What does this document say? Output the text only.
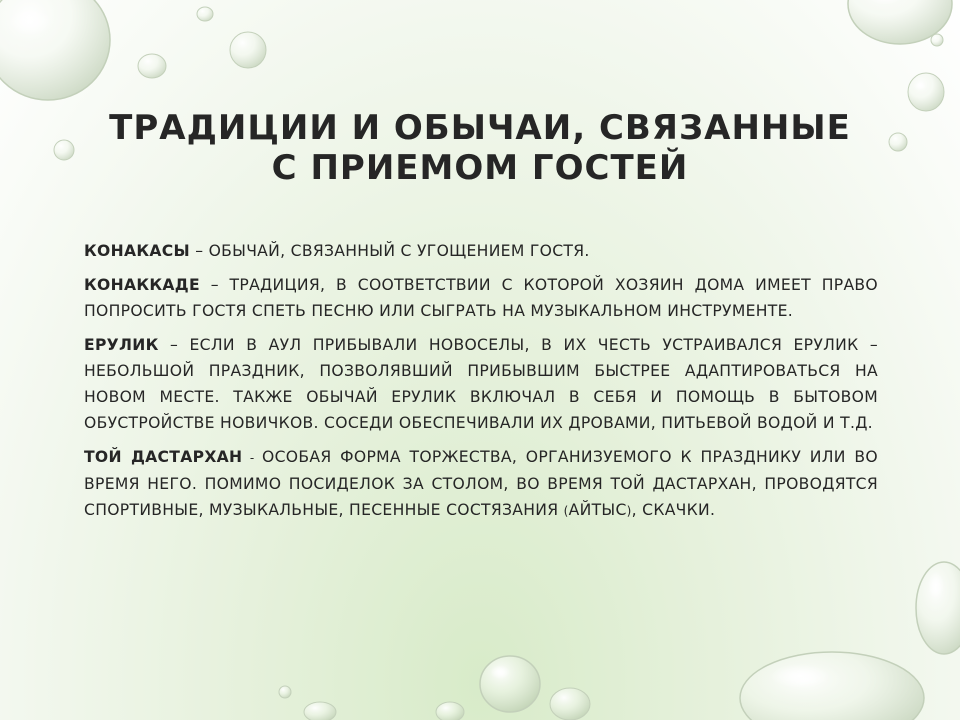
ТРАДИЦИИ И ОБЫЧАИ, СВЯЗАННЫЕ
С ПРИЕМОМ ГОСТЕЙ

КОНАКАСЫ – ОБЫЧАЙ, СВЯЗАННЫЙ С УГОЩЕНИЕМ ГОСТЯ.

КОНАККАДЕ – ТРАДИЦИЯ, В СООТВЕТСТВИИ С КОТОРОЙ ХОЗЯИН ДОМА ИМЕЕТ ПРАВО ПОПРОСИТЬ ГОСТЯ СПЕТЬ ПЕСНЮ ИЛИ СЫГРАТЬ НА МУЗЫКАЛЬНОМ ИНСТРУМЕНТЕ.

ЕРУЛИК – ЕСЛИ В АУЛ ПРИБЫВАЛИ НОВОСЕЛЫ, В ИХ ЧЕСТЬ УСТРАИВАЛСЯ ЕРУЛИК – НЕБОЛЬШОЙ ПРАЗДНИК, ПОЗВОЛЯВШИЙ ПРИБЫВШИМ БЫСТРЕЕ АДАПТИРОВАТЬСЯ НА НОВОМ МЕСТЕ. ТАКЖЕ ОБЫЧАЙ ЕРУЛИК ВКЛЮЧАЛ В СЕБЯ И ПОМОЩЬ В БЫТОВОМ ОБУСТРОЙСТВЕ НОВИЧКОВ. СОСЕДИ ОБЕСПЕЧИВАЛИ ИХ ДРОВАМИ, ПИТЬЕВОЙ ВОДОЙ И Т.Д.

ТОЙ ДАСТАРХАН - ОСОБАЯ ФОРМА ТОРЖЕСТВА, ОРГАНИЗУЕМОГО К ПРАЗДНИКУ ИЛИ ВО ВРЕМЯ НЕГО. ПОМИМО ПОСИДЕЛОК ЗА СТОЛОМ, ВО ВРЕМЯ ТОЙ ДАСТАРХАН, ПРОВОДЯТСЯ СПОРТИВНЫЕ, МУЗЫКАЛЬНЫЕ, ПЕСЕННЫЕ СОСТЯЗАНИЯ (АЙТЫС), СКАЧКИ.
